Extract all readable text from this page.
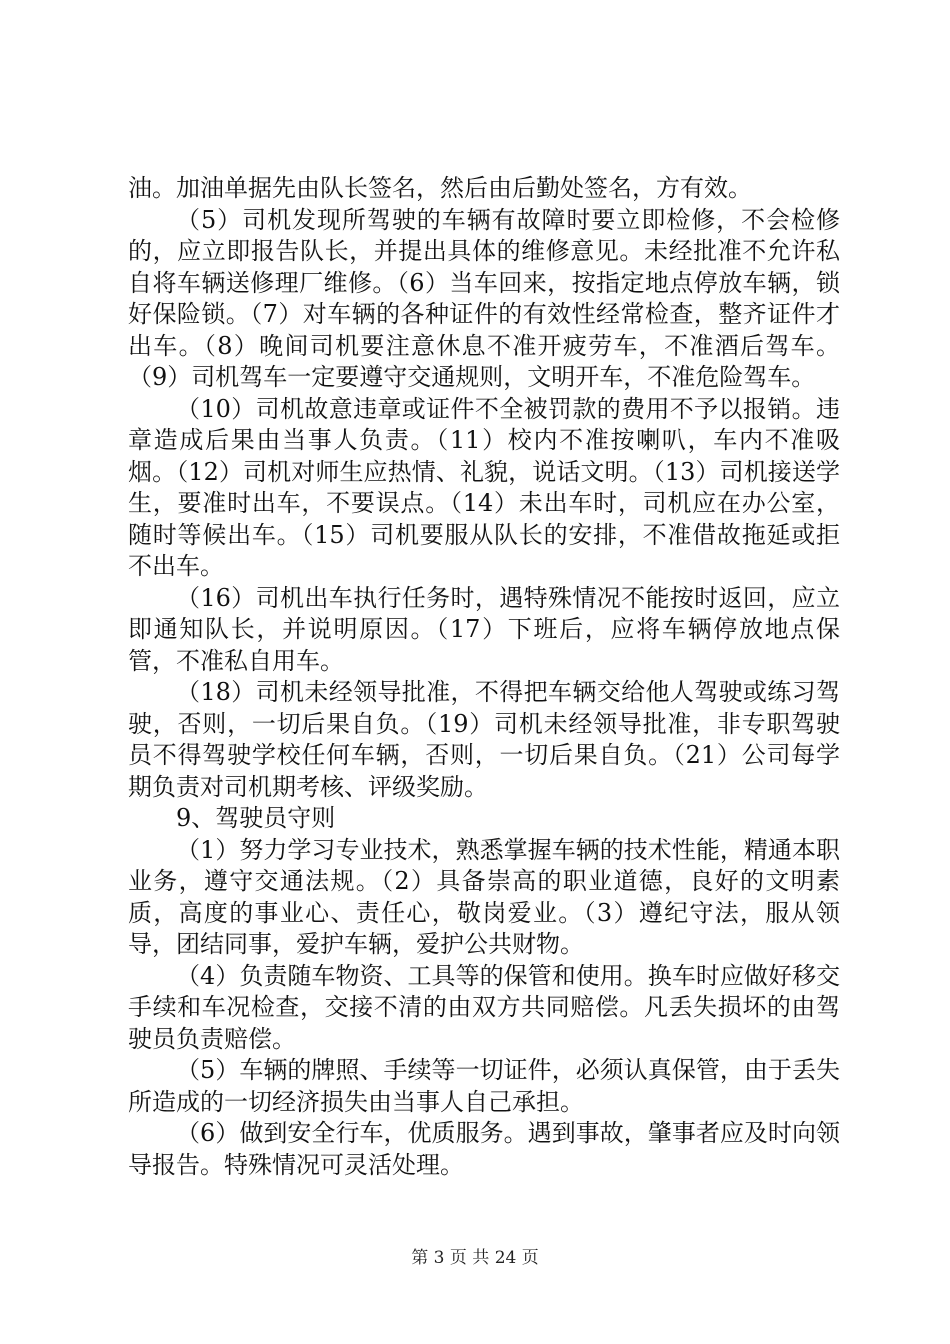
油。加油单据先由队长签名，然后由后勤处签名，方有效。

（5）司机发现所驾驶的车辆有故障时要立即检修，不会检修的，应立即报告队长，并提出具体的维修意见。未经批准不允许私自将车辆送修理厂维修。（6）当车回来，按指定地点停放车辆，锁好保险锁。（7）对车辆的各种证件的有效性经常检查，整齐证件才出车。（8）晚间司机要注意休息不准开疲劳车，不准酒后驾车。（9）司机驾车一定要遵守交通规则，文明开车，不准危险驾车。

（10）司机故意违章或证件不全被罚款的费用不予以报销。违章造成后果由当事人负责。（11）校内不准按喇叭，车内不准吸烟。（12）司机对师生应热情、礼貌，说话文明。（13）司机接送学生，要准时出车，不要误点。（14）未出车时，司机应在办公室，随时等候出车。（15）司机要服从队长的安排，不准借故拖延或拒不出车。

（16）司机出车执行任务时，遇特殊情况不能按时返回，应立即通知队长，并说明原因。（17）下班后，应将车辆停放地点保管，不准私自用车。

（18）司机未经领导批准，不得把车辆交给他人驾驶或练习驾驶，否则，一切后果自负。（19）司机未经领导批准，非专职驾驶员不得驾驶学校任何车辆，否则，一切后果自负。（21）公司每学期负责对司机期考核、评级奖励。

9、驾驶员守则

（1）努力学习专业技术，熟悉掌握车辆的技术性能，精通本职业务，遵守交通法规。（2）具备崇高的职业道德，良好的文明素质，高度的事业心、责任心，敬岗爱业。（3）遵纪守法，服从领导，团结同事，爱护车辆，爱护公共财物。

（4）负责随车物资、工具等的保管和使用。换车时应做好移交手续和车况检查，交接不清的由双方共同赔偿。凡丢失损坏的由驾驶员负责赔偿。

（5）车辆的牌照、手续等一切证件，必须认真保管，由于丢失所造成的一切经济损失由当事人自己承担。

（6）做到安全行车，优质服务。遇到事故，肇事者应及时向领导报告。特殊情况可灵活处理。

第 3 页 共 24 页
